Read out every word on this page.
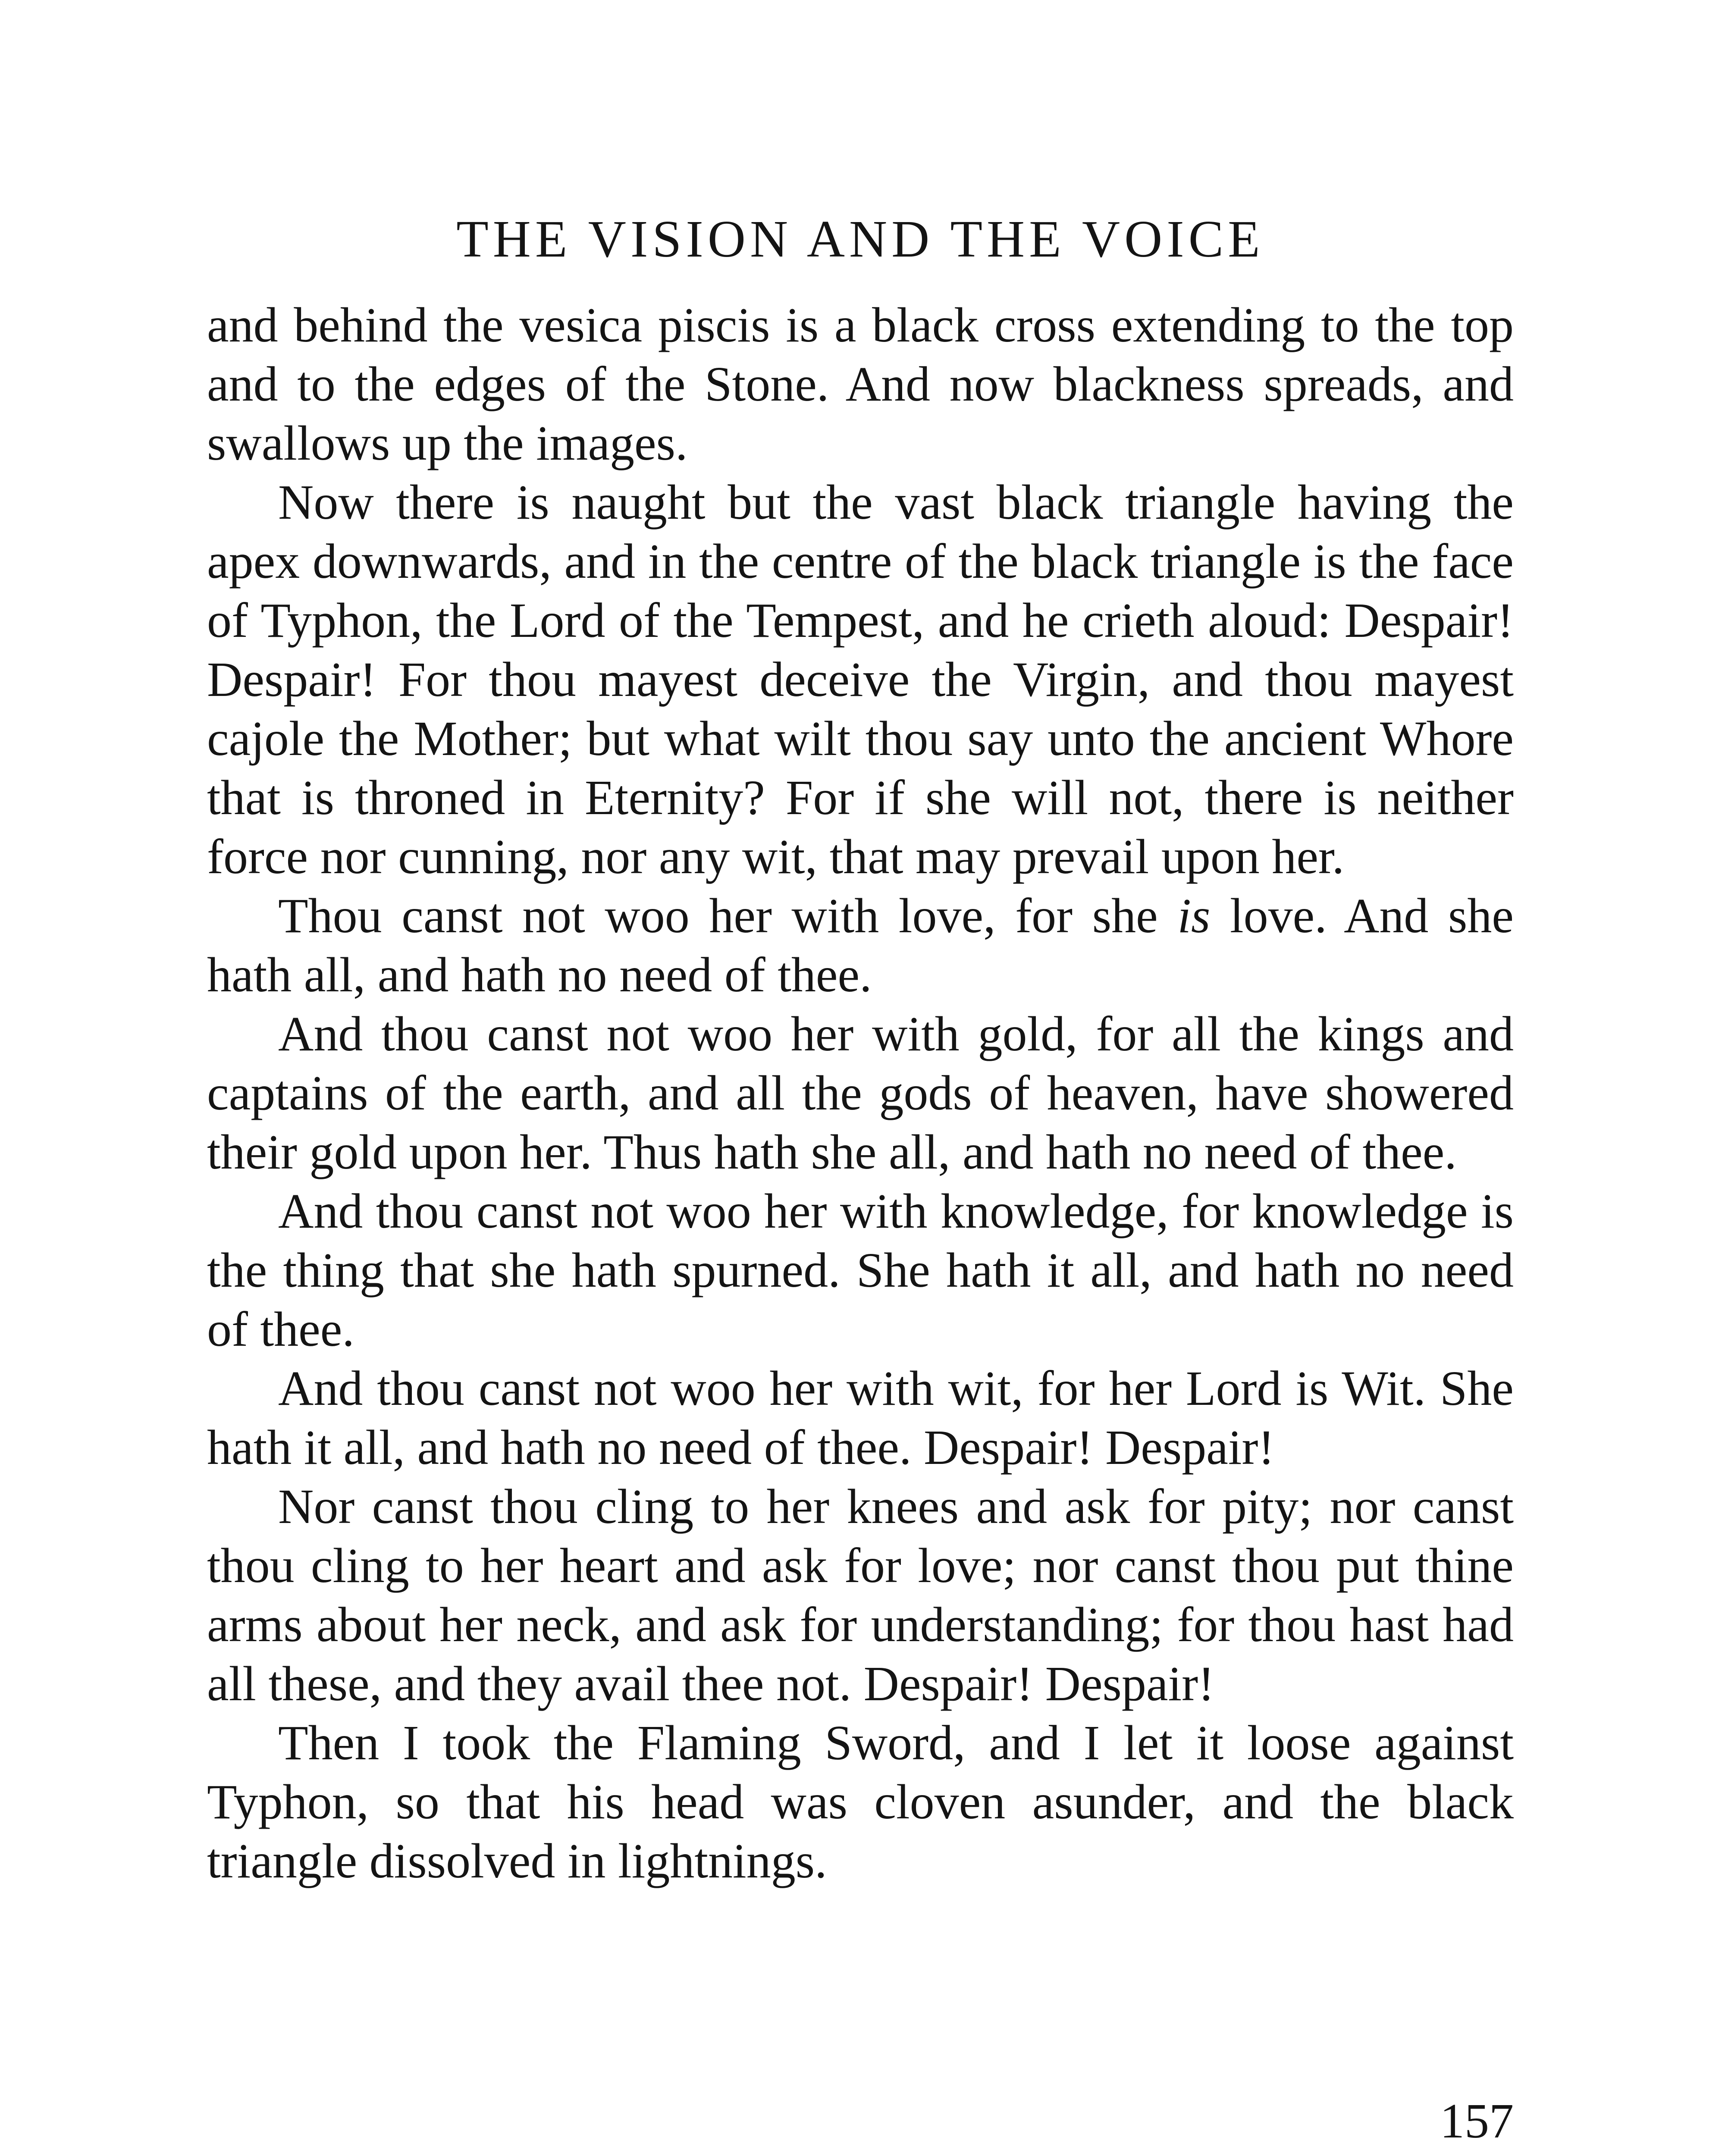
THE VISION AND THE VOICE

and behind the vesica piscis is a black cross extending to the top and to the edges of the Stone. And now blackness spreads, and swallows up the images.

Now there is naught but the vast black triangle having the apex downwards, and in the centre of the black triangle is the face of Typhon, the Lord of the Tempest, and he crieth aloud: Despair! Despair! For thou mayest deceive the Virgin, and thou mayest cajole the Mother; but what wilt thou say unto the ancient Whore that is throned in Eternity? For if she will not, there is neither force nor cunning, nor any wit, that may prevail upon her.

Thou canst not woo her with love, for she is love. And she hath all, and hath no need of thee.

And thou canst not woo her with gold, for all the kings and captains of the earth, and all the gods of heaven, have showered their gold upon her. Thus hath she all, and hath no need of thee.

And thou canst not woo her with knowledge, for knowledge is the thing that she hath spurned. She hath it all, and hath no need of thee.

And thou canst not woo her with wit, for her Lord is Wit. She hath it all, and hath no need of thee. Despair! Despair!

Nor canst thou cling to her knees and ask for pity; nor canst thou cling to her heart and ask for love; nor canst thou put thine arms about her neck, and ask for understanding; for thou hast had all these, and they avail thee not. Despair! Despair!

Then I took the Flaming Sword, and I let it loose against Typhon, so that his head was cloven asunder, and the black triangle dissolved in lightnings.

157
